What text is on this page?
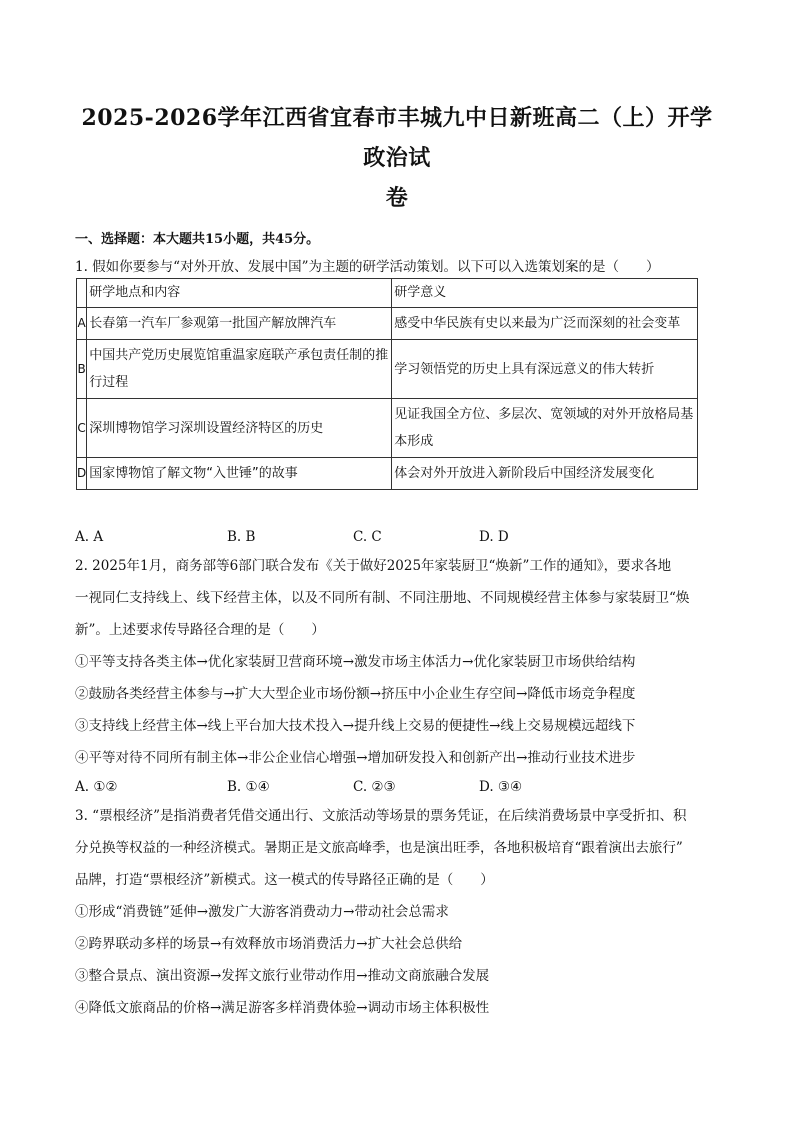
2025-2026学年江西省宜春市丰城九中日新班高二（上）开学政治试
卷
一、选择题：本大题共15小题，共45分。
1. 假如你要参与“对外开放、发展中国”为主题的研学活动策划。以下可以入选策划案的是（　　）
	研学地点和内容	研学意义
A	长春第一汽车厂参观第一批国产解放牌汽车	感受中华民族有史以来最为广泛而深刻的社会变革
B	中国共产党历史展览馆重温家庭联产承包责任制的推行过程	学习领悟党的历史上具有深远意义的伟大转折
C	深圳博物馆学习深圳设置经济特区的历史	见证我国全方位、多层次、宽领域的对外开放格局基本形成
D	国家博物馆了解文物“入世锤”的故事	体会对外开放进入新阶段后中国经济发展变化
A. A	B. B	C. C	D. D
2. 2025年1月，商务部等6部门联合发布《关于做好2025年家装厨卫“焕新”工作的通知》，要求各地
一视同仁支持线上、线下经营主体，以及不同所有制、不同注册地、不同规模经营主体参与家装厨卫“焕
新”。上述要求传导路径合理的是（　　）
①平等支持各类主体→优化家装厨卫营商环境→激发市场主体活力→优化家装厨卫市场供给结构
②鼓励各类经营主体参与→扩大大型企业市场份额→挤压中小企业生存空间→降低市场竞争程度
③支持线上经营主体→线上平台加大技术投入→提升线上交易的便捷性→线上交易规模远超线下
④平等对待不同所有制主体→非公企业信心增强→增加研发投入和创新产出→推动行业技术进步
A. ①②	B. ①④	C. ②③	D. ③④
3. “票根经济”是指消费者凭借交通出行、文旅活动等场景的票务凭证，在后续消费场景中享受折扣、积
分兑换等权益的一种经济模式。暑期正是文旅高峰季，也是演出旺季，各地积极培育“跟着演出去旅行”
品牌，打造“票根经济”新模式。这一模式的传导路径正确的是（　　）
①形成“消费链”延伸→激发广大游客消费动力→带动社会总需求
②跨界联动多样的场景→有效释放市场消费活力→扩大社会总供给
③整合景点、演出资源→发挥文旅行业带动作用→推动文商旅融合发展
④降低文旅商品的价格→满足游客多样消费体验→调动市场主体积极性
